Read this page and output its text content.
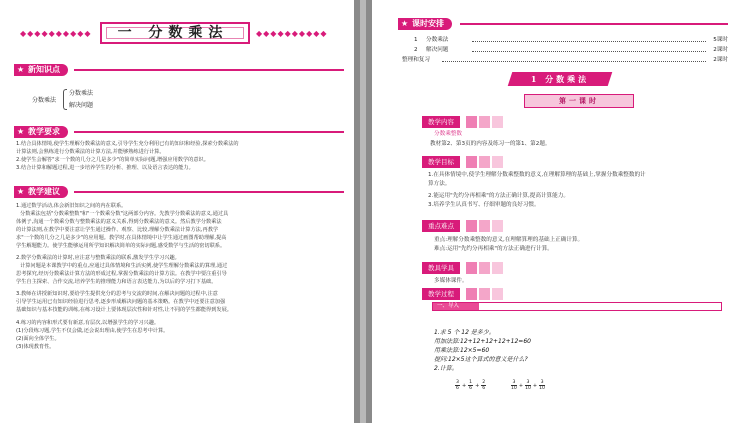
◆◆◆◆◆◆◆◆◆◆	一 分数乘法	◆◆◆◆◆◆◆◆◆◆
★ 新知识点
分数乘法
分数乘法
解决问题
★ 教学要求
1.结合具体情境,使学生理解分数乘法的意义,引导学生充分利用已有的知识和经验,探索分数乘法的
计算法则,会熟练进行分数乘法的计算方法,并能够熟练进行计算。
2.使学生会解答"求一个数的几分之几是多少"的简单实际问题,增强应用数学的意识。
3.结合计算和解题过程,进一步培养学生的分析、推理、以及语言表达的能力。
★ 教学建议
1.通过数学活动,体会新旧知识之间的内在联系。
分数乘法包括"分数乘整数"和"一个数乘分数"这两部分内容。先教学分数乘法的意义,通过具
体例子,沟通一个数乘分数与整数乘法的意义关系,得到分数乘法的意义。然后教学分数乘法
的计算法则,在教学中要注意让学生通过操作、观察、比较,理解分数乘法计算方法,再教学
求"一个数的几分之几是多少"的应用题。教学时,在具体情境中让学生通过画图帮助理解,提高
学生解题能力。使学生能够运用所学知识解决简单的实际问题,感受数学与生活的密切联系。
2.数学分数乘法的计算时,应注意与整数乘法的联系,激发学生学习兴趣。
计算问题是本课教学中的重点,应通过具体情境和生活实例,使学生理解分数乘法的算理,通过
思考探究,经历分数乘法计算方法的形成过程,掌握分数乘法的计算方法。在教学中要注重引导
学生自主探索、合作交流,培养学生的推理能力和语言表达能力,为以后的学习打下基础。
3.教师在讲授新知识时,要给学生提供充分的思考与交流的时间,在解决问题的过程中,注意
引导学生运用已有知识经验进行思考,逐步形成解决问题的基本策略。在教学中还要注意加强
基础知识与基本技能的训练,在练习设计上要体现层次性和针对性,让不同的学生都能得到发展。
4.练习的内容和形式要有新意,有层次,以增强学生的学习兴趣。
(1)分段练习题,学生不仅会做,还会说出理由,使学生在思考中计算。
(2)面向全体学生。
(3)体现教育性。
★ 课时安排
1 分数乘法	5课时
2 解决问题	2课时
整理和复习	2课时
1 分数乘法
第一课时
教学内容
分数乘整数
教材第2、第3页的内容及练习一的第1、第2题。
教学目标
1.在具体情境中,使学生理解分数乘整数的意义,在理解算理的基础上,掌握分数乘整数的计
算方法。
2.能运用"先约分再相乘"的方法正确计算,提高计算能力。
3.培养学生认真书写、仔细审题的良好习惯。
重点难点
重点:理解分数乘整数的意义,在理解算理的基础上正确计算。
难点:运用"先约分再相乘"的方法正确进行计算。
教具学具
多媒体课件。
教学过程
一、导入
1.求 5 个 12 是多少。
用加法算:12+12+12+12+12=60
用乘法算:12×5=60
提问:12×5这个算式的意义是什么?
2.计算。
$\frac{3}{6} + \frac{1}{6} + \frac{2}{6}$	$\frac{3}{10} + \frac{3}{10} + \frac{3}{10}$
